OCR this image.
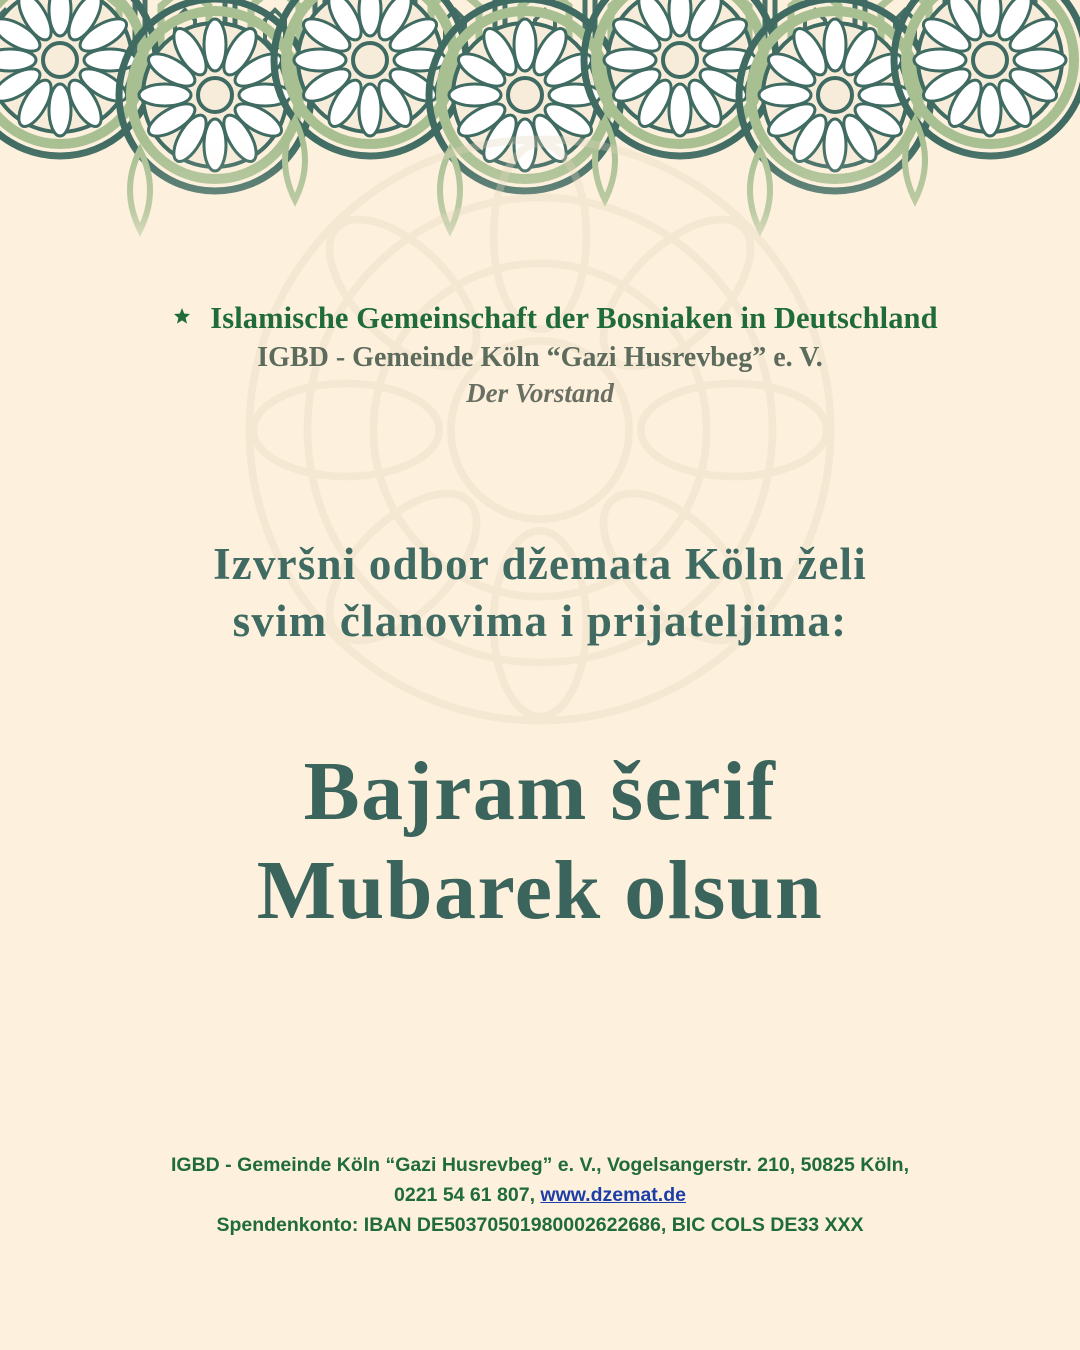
Islamische Gemeinschaft der Bosniaken in Deutschland
IGBD - Gemeinde Köln “Gazi Husrevbeg” e. V.
Der Vorstand
Izvršni odbor džemata Köln želi
svim članovima i prijateljima:
Bajram šerif
Mubarek olsun
IGBD - Gemeinde Köln “Gazi Husrevbeg” e. V., Vogelsangerstr. 210, 50825 Köln,
0221 54 61 807, www.dzemat.de
Spendenkonto: IBAN DE50370501980002622686, BIC COLS DE33 XXX
